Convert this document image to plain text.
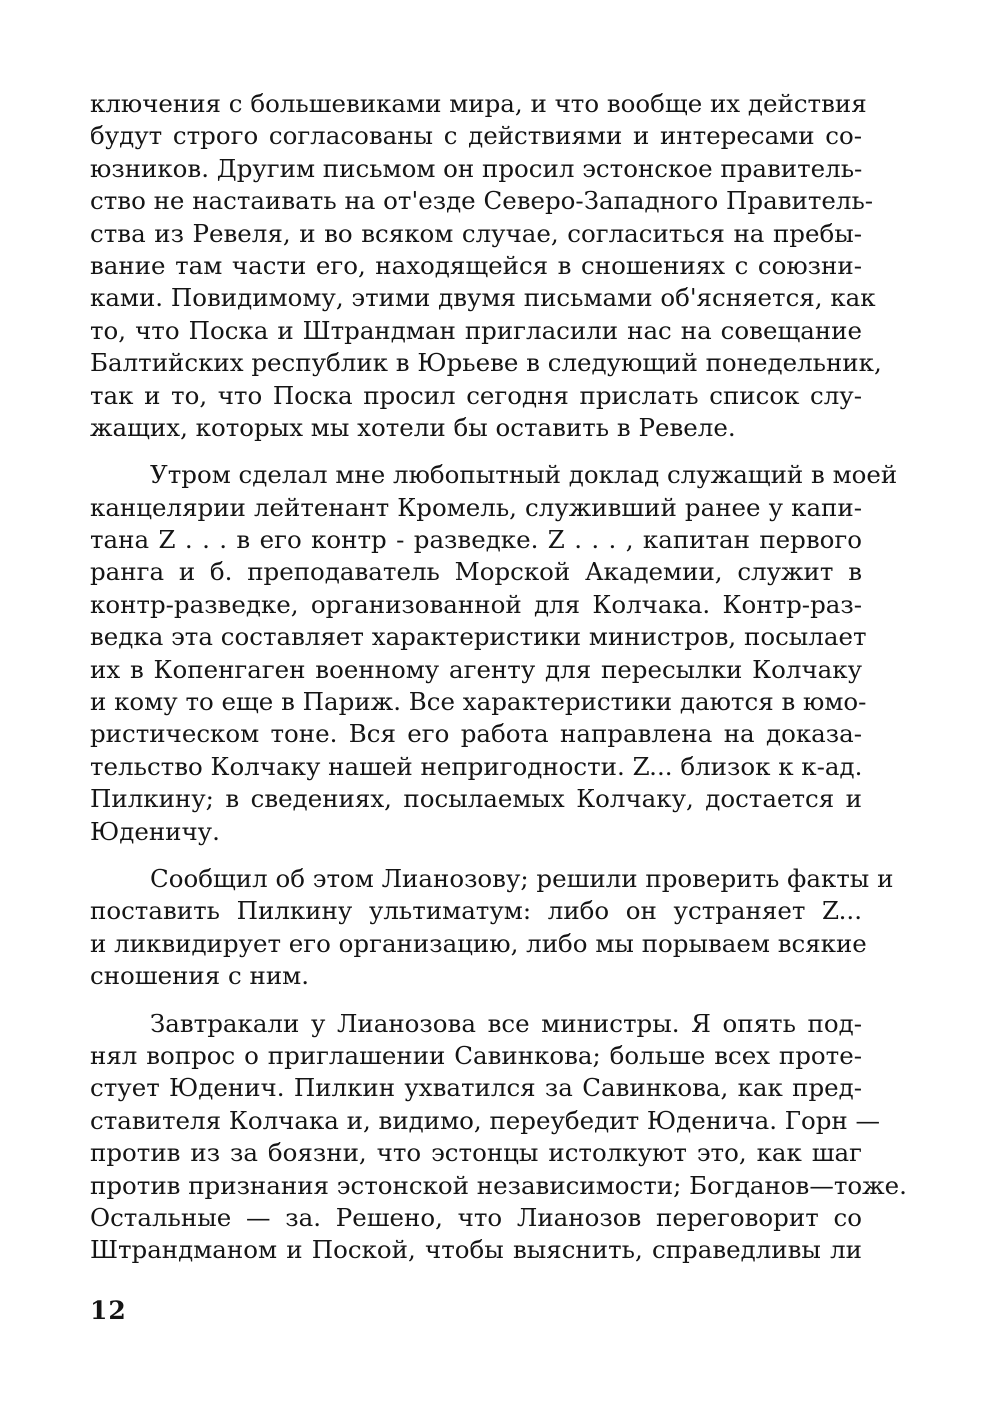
ключения с большевиками мира, и что вообще их действия
будут строго согласованы с действиями и интересами со-
юзников. Другим письмом он просил эстонское правитель-
ство не настаивать на от'езде Северо-Западного Правитель-
ства из Ревеля, и во всяком случае, согласиться на пребы-
вание там части его, находящейся в сношениях с союзни-
ками. Повидимому, этими двумя письмами об'ясняется, как
то, что Поска и Штрандман пригласили нас на совещание
Балтийских республик в Юрьеве в следующий понедельник,
так и то, что Поска просил сегодня прислать список слу-
жащих, которых мы хотели бы оставить в Ревеле.
Утром сделал мне любопытный доклад служащий в моей
канцелярии лейтенант Кромель, служивший ранее у капи-
тана Z . . . в его контр - разведке. Z . . . , капитан первого
ранга и б. преподаватель Морской Академии, служит в
контр-разведке, организованной для Колчака. Контр-раз-
ведка эта составляет характеристики министров, посылает
их в Копенгаген военному агенту для пересылки Колчаку
и кому то еще в Париж. Все характеристики даются в юмо-
ристическом тоне. Вся его работа направлена на доказа-
тельство Колчаку нашей непригодности. Z... близок к к-ад.
Пилкину; в сведениях, посылаемых Колчаку, достается и
Юденичу.
Сообщил об этом Лианозову; решили проверить факты и
поставить Пилкину ультиматум: либо он устраняет Z...
и ликвидирует его организацию, либо мы порываем всякие
сношения с ним.
Завтракали у Лианозова все министры. Я опять под-
нял вопрос о приглашении Савинкова; больше всех проте-
стует Юденич. Пилкин ухватился за Савинкова, как пред-
ставителя Колчака и, видимо, переубедит Юденича. Горн —
против из за боязни, что эстонцы истолкуют это, как шаг
против признания эстонской независимости; Богданов—тоже.
Остальные — за. Решено, что Лианозов переговорит со
Штрандманом и Поской, чтобы выяснить, справедливы ли
12
